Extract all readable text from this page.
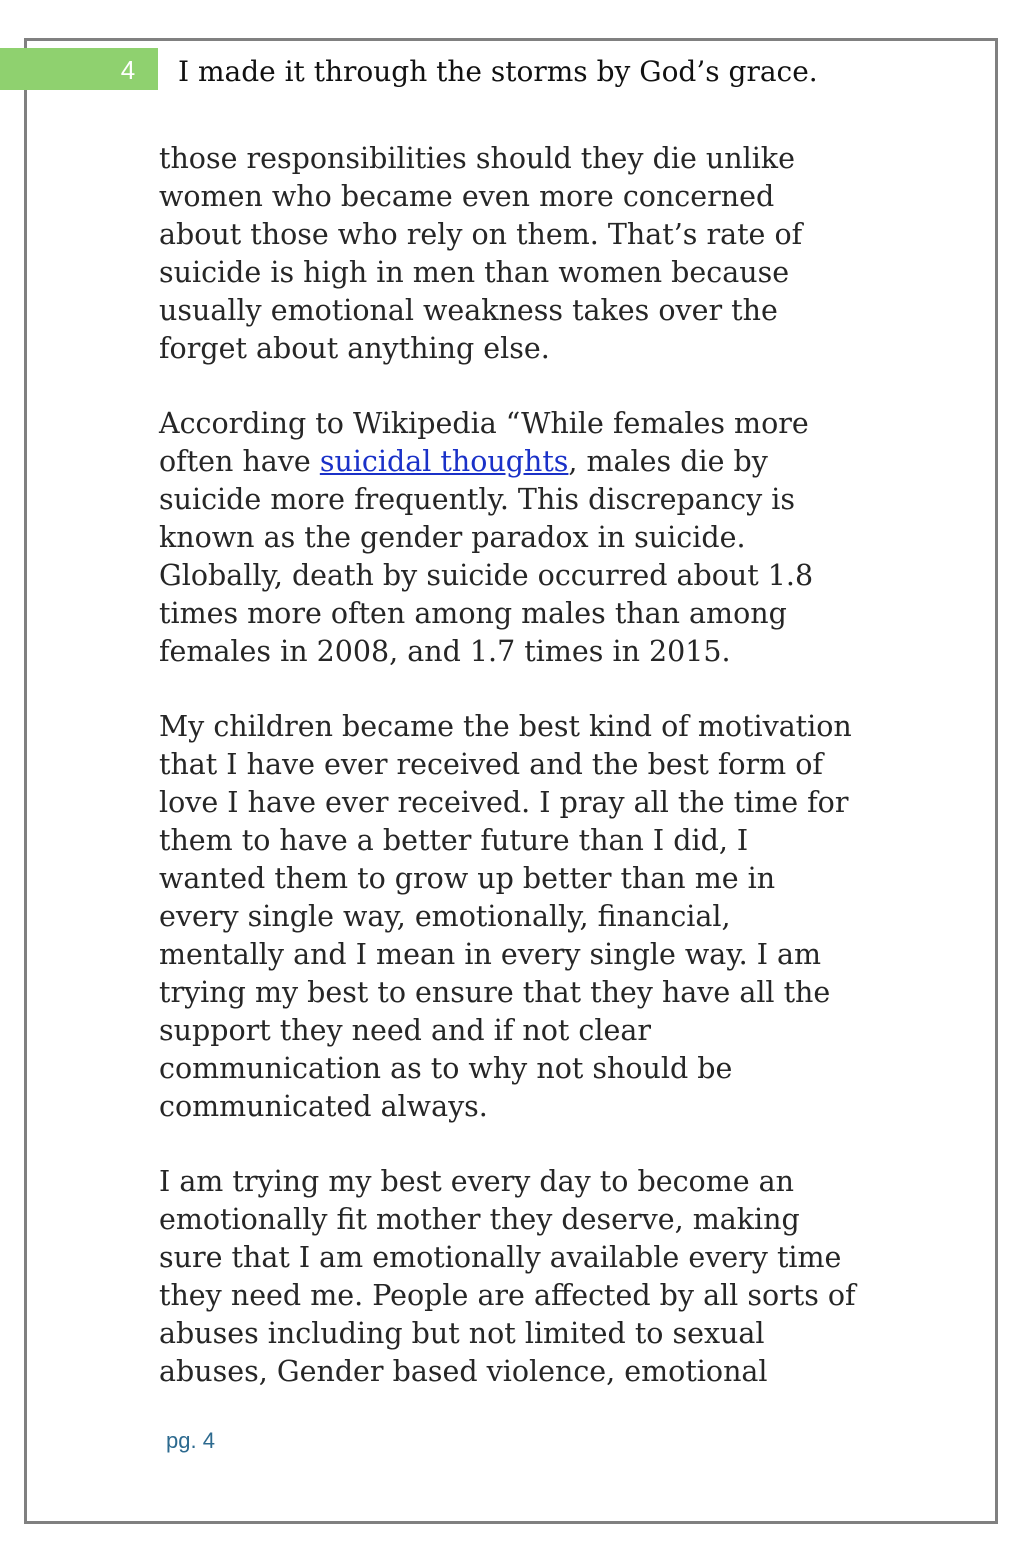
4	I made it through the storms by God’s grace.

those responsibilities should they die unlike
women who became even more concerned
about those who rely on them. That’s rate of
suicide is high in men than women because
usually emotional weakness takes over the
forget about anything else.

According to Wikipedia “While females more
often have suicidal thoughts, males die by
suicide more frequently. This discrepancy is
known as the gender paradox in suicide.
Globally, death by suicide occurred about 1.8
times more often among males than among
females in 2008, and 1.7 times in 2015.

My children became the best kind of motivation
that I have ever received and the best form of
love I have ever received. I pray all the time for
them to have a better future than I did, I
wanted them to grow up better than me in
every single way, emotionally, financial,
mentally and I mean in every single way. I am
trying my best to ensure that they have all the
support they need and if not clear
communication as to why not should be
communicated always.

I am trying my best every day to become an
emotionally fit mother they deserve, making
sure that I am emotionally available every time
they need me. People are affected by all sorts of
abuses including but not limited to sexual
abuses, Gender based violence, emotional

pg. 4
